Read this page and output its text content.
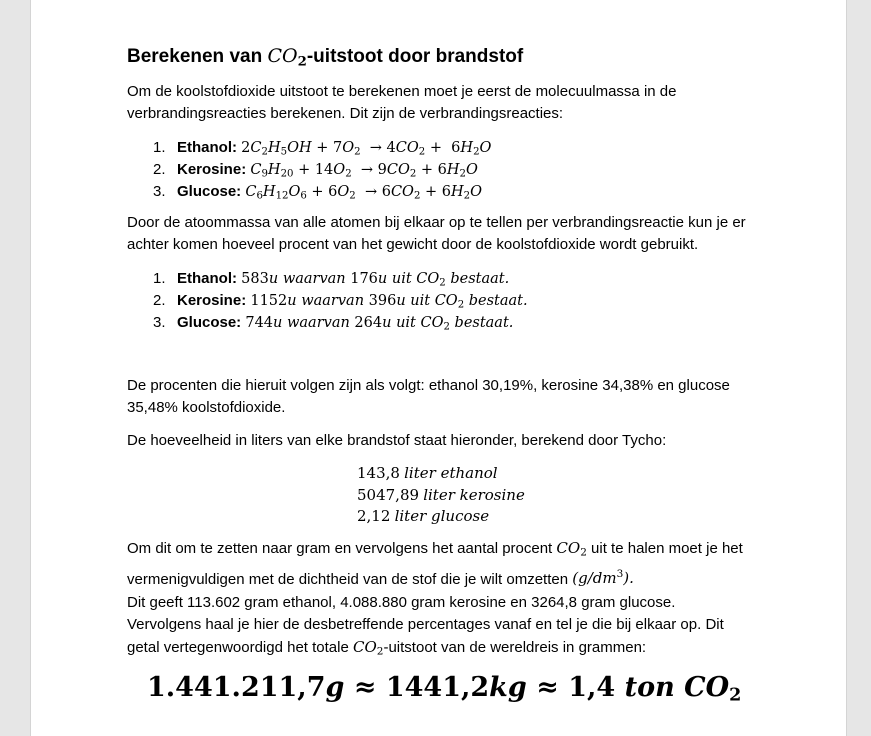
Berekenen van $CO_2$-uitstoot door brandstof

Om de koolstofdioxide uitstoot te berekenen moet je eerst de molecuulmassa in de verbrandingsreacties berekenen. Dit zijn de verbrandingsreacties:

1. Ethanol: $2C_2H_5OH + 7O_2 \to 4CO_2 + 6H_2O$
2. Kerosine: $C_9H_{20} + 14O_2 \to 9CO_2 + 6H_2O$
3. Glucose: $C_6H_{12}O_6 + 6O_2 \to 6CO_2 + 6H_2O$

Door de atoommassa van alle atomen bij elkaar op te tellen per verbrandingsreactie kun je er achter komen hoeveel procent van het gewicht door de koolstofdioxide wordt gebruikt.

1. Ethanol: 583u waarvan 176u uit $CO_2$ bestaat.
2. Kerosine: 1152u waarvan 396u uit $CO_2$ bestaat.
3. Glucose: 744u waarvan 264u uit $CO_2$ bestaat.

De procenten die hieruit volgen zijn als volgt: ethanol 30,19%, kerosine 34,38% en glucose 35,48% koolstofdioxide.

De hoeveelheid in liters van elke brandstof staat hieronder, berekend door Tycho:

143,8 liter ethanol
5047,89 liter kerosine
2,12 liter glucose

Om dit om te zetten naar gram en vervolgens het aantal procent $CO_2$ uit te halen moet je het vermenigvuldigen met de dichtheid van de stof die je wilt omzetten $(g/dm^3)$.

Dit geeft 113.602 gram ethanol, 4.088.880 gram kerosine en 3264,8 gram glucose. Vervolgens haal je hier de desbetreffende percentages vanaf en tel je die bij elkaar op. Dit getal vertegenwoordigd het totale $CO_2$-uitstoot van de wereldreis in grammen:

1.441.211,7g ≈ 1441,2kg ≈ 1,4 ton $CO_2$
